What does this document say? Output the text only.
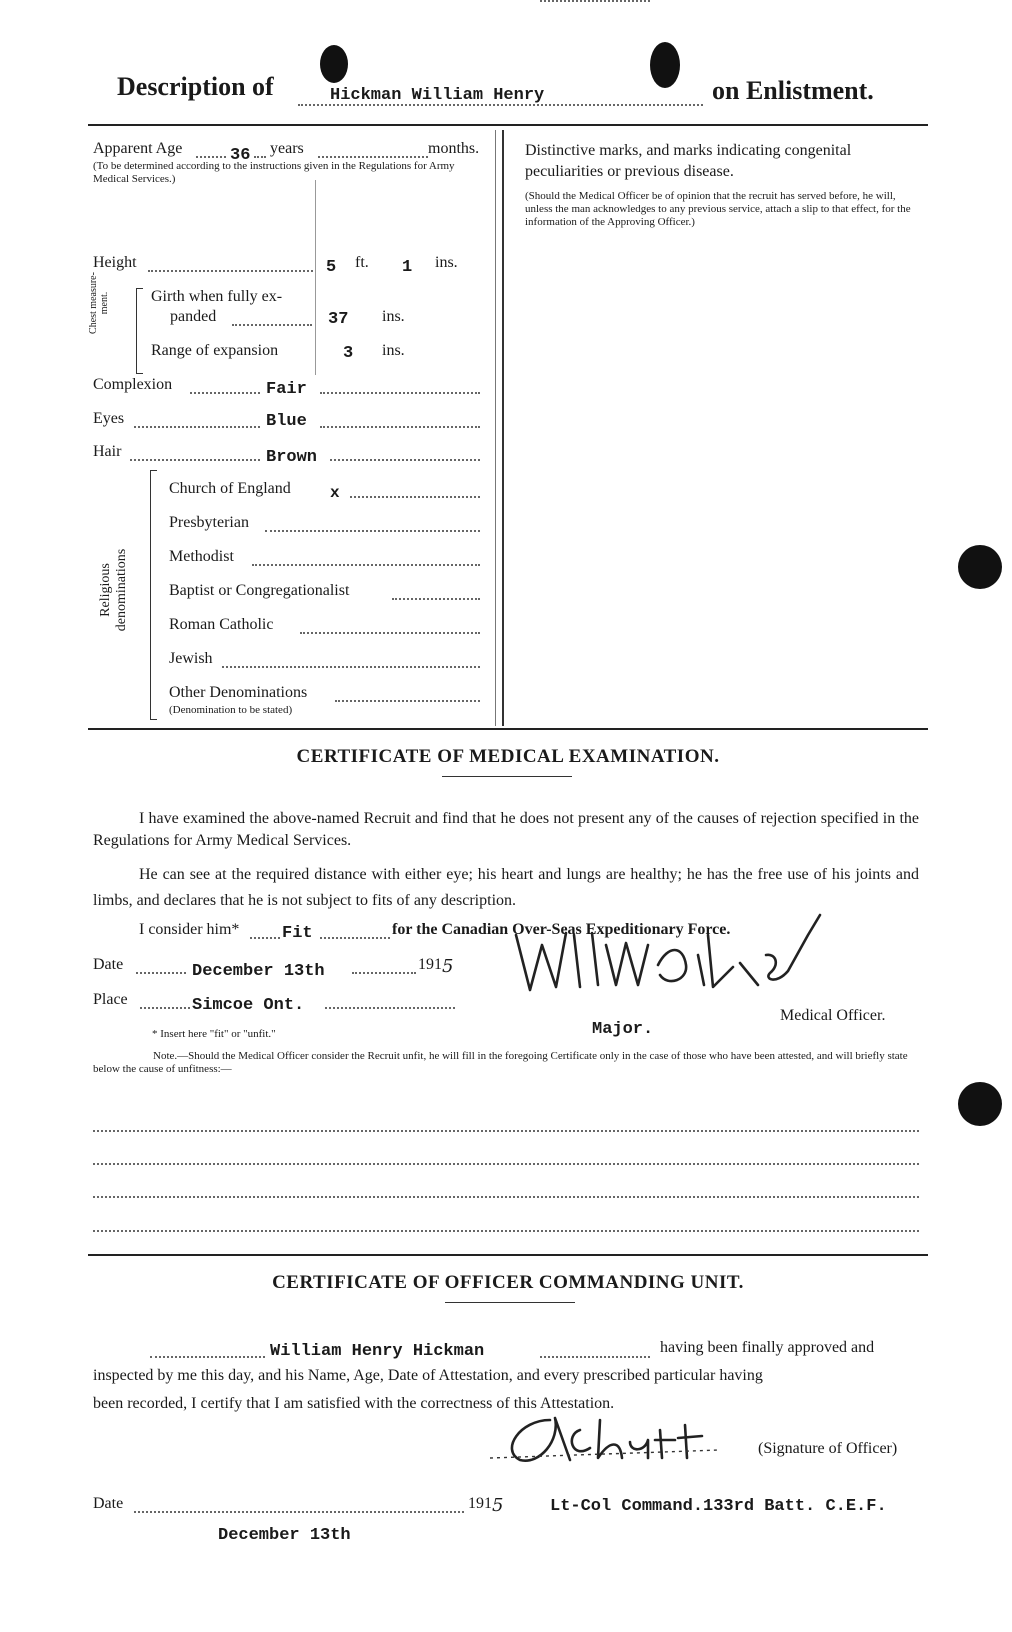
Description of	Hickman William Henry	on Enlistment.
Apparent Age	36 years	months.
(To be determined according to the instructions given in the Regulations for Army Medical Services.)
Height	5 ft. 1 ins.
Chest measure-ment.	Girth when fully ex-
panded	37 ins.
Range of expansion	3 ins.
Complexion	Fair
Eyes	Blue
Hair	Brown
Religious denominations
Church of England x
Presbyterian
Methodist
Baptist or Congregationalist
Roman Catholic
Jewish
Other Denominations
(Denomination to be stated)
Distinctive marks, and marks indicating congenital peculiarities or previous disease.
(Should the Medical Officer be of opinion that the recruit has served before, he will, unless the man acknowledges to any previous service, attach a slip to that effect, for the information of the Approving Officer.)
CERTIFICATE OF MEDICAL EXAMINATION.
I have examined the above-named Recruit and find that he does not present any of the causes of rejection specified in the Regulations for Army Medical Services.
He can see at the required distance with either eye; his heart and lungs are healthy; he has the free use of his joints and limbs, and declares that he is not subject to fits of any description.
I consider him*	Fit	for the Canadian Over-Seas Expeditionary Force.
Date	December 13th	191 5
Place	Simcoe Ont.
Medical Officer.
Major.
* Insert here "fit" or "unfit."
Note.—Should the Medical Officer consider the Recruit unfit, he will fill in the foregoing Certificate only in the case of those who have been attested, and will briefly state below the cause of unfitness:—
CERTIFICATE OF OFFICER COMMANDING UNIT.
William Henry Hickman	having been finally approved and
inspected by me this day, and his Name, Age, Date of Attestation, and every prescribed particular having
been recorded, I certify that I am satisfied with the correctness of this Attestation.
(Signature of Officer)
Date	191 5	Lt-Col Command.133rd Batt. C.E.F.
December 13th
